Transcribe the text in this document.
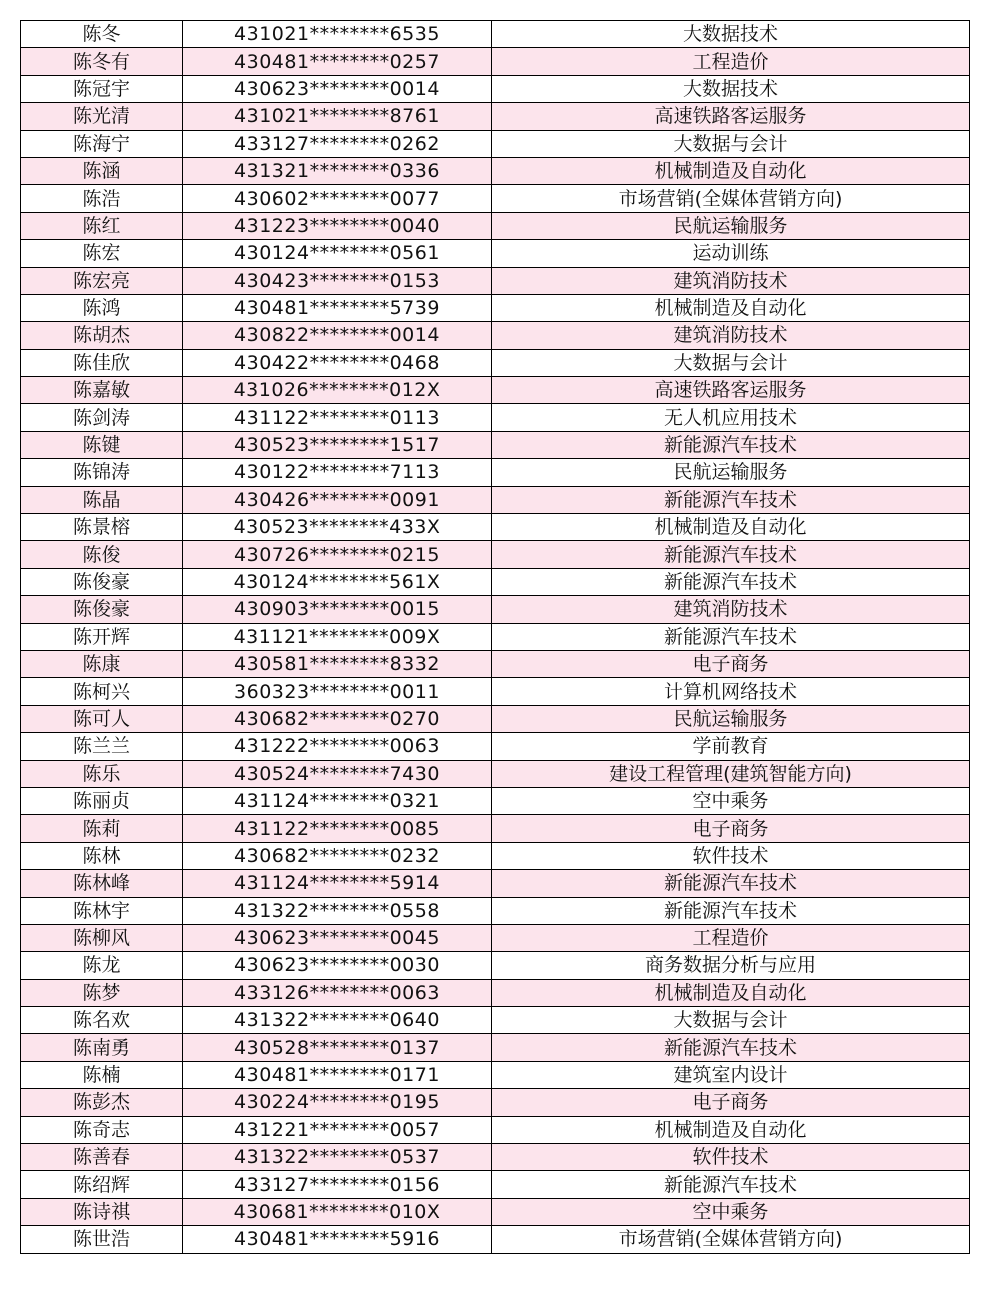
陈冬	431021********6535	大数据技术
陈冬有	430481********0257	工程造价
陈冠宇	430623********0014	大数据技术
陈光清	431021********8761	高速铁路客运服务
陈海宁	433127********0262	大数据与会计
陈涵	431321********0336	机械制造及自动化
陈浩	430602********0077	市场营销(全媒体营销方向)
陈红	431223********0040	民航运输服务
陈宏	430124********0561	运动训练
陈宏亮	430423********0153	建筑消防技术
陈鸿	430481********5739	机械制造及自动化
陈胡杰	430822********0014	建筑消防技术
陈佳欣	430422********0468	大数据与会计
陈嘉敏	431026********012X	高速铁路客运服务
陈剑涛	431122********0113	无人机应用技术
陈键	430523********1517	新能源汽车技术
陈锦涛	430122********7113	民航运输服务
陈晶	430426********0091	新能源汽车技术
陈景榕	430523********433X	机械制造及自动化
陈俊	430726********0215	新能源汽车技术
陈俊豪	430124********561X	新能源汽车技术
陈俊豪	430903********0015	建筑消防技术
陈开辉	431121********009X	新能源汽车技术
陈康	430581********8332	电子商务
陈柯兴	360323********0011	计算机网络技术
陈可人	430682********0270	民航运输服务
陈兰兰	431222********0063	学前教育
陈乐	430524********7430	建设工程管理(建筑智能方向)
陈丽贞	431124********0321	空中乘务
陈莉	431122********0085	电子商务
陈林	430682********0232	软件技术
陈林峰	431124********5914	新能源汽车技术
陈林宇	431322********0558	新能源汽车技术
陈柳风	430623********0045	工程造价
陈龙	430623********0030	商务数据分析与应用
陈梦	433126********0063	机械制造及自动化
陈名欢	431322********0640	大数据与会计
陈南勇	430528********0137	新能源汽车技术
陈楠	430481********0171	建筑室内设计
陈彭杰	430224********0195	电子商务
陈奇志	431221********0057	机械制造及自动化
陈善春	431322********0537	软件技术
陈绍辉	433127********0156	新能源汽车技术
陈诗祺	430681********010X	空中乘务
陈世浩	430481********5916	市场营销(全媒体营销方向)
